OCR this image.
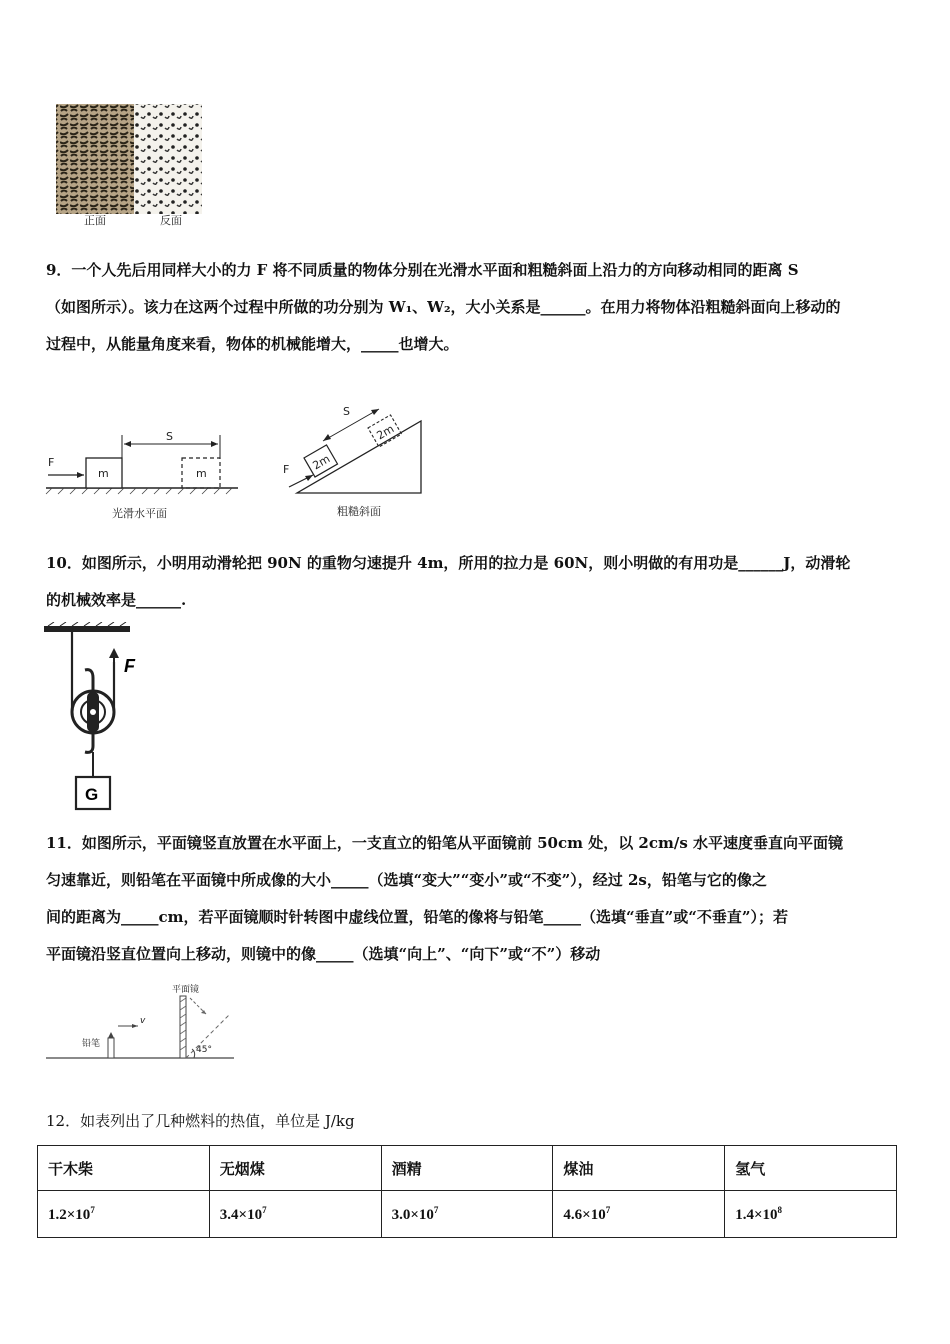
正面	反面
9．一个人先后用同样大小的力 F 将不同质量的物体分别在光滑水平面和粗糙斜面上沿力的方向移动相同的距离 S
（如图所示）。该力在这两个过程中所做的功分别为 W₁、W₂，大小关系是______。在用力将物体沿粗糙斜面向上移动的
过程中，从能量角度来看，物体的机械能增大，_____也增大。
m	m
F
S
光滑水平面
2m
2m
F
S
粗糙斜面
10．如图所示，小明用动滑轮把 90N 的重物匀速提升 4m，所用的拉力是 60N，则小明做的有用功是______J，动滑轮
的机械效率是______.
F
G
11．如图所示，平面镜竖直放置在水平面上，一支直立的铅笔从平面镜前 50cm 处，以 2cm/s 水平速度垂直向平面镜
匀速靠近，则铅笔在平面镜中所成像的大小_____（选填“变大”“变小”或“不变”），经过 2s，铅笔与它的像之
间的距离为_____cm，若平面镜顺时针转图中虚线位置，铅笔的像将与铅笔_____（选填“垂直”或“不垂直”）；若
平面镜沿竖直位置向上移动，则镜中的像_____（选填“向上”、“向下”或“不”）移动
铅笔
v
平面镜
45°
12．如表列出了几种燃料的热值，单位是 J/kg
干木柴	无烟煤	酒精	煤油	氢气
$1.2\times 10^7$	$3.4\times 10^7$	$3.0\times 10^7$	$4.6\times 10^7$	$1.4\times 10^8$
